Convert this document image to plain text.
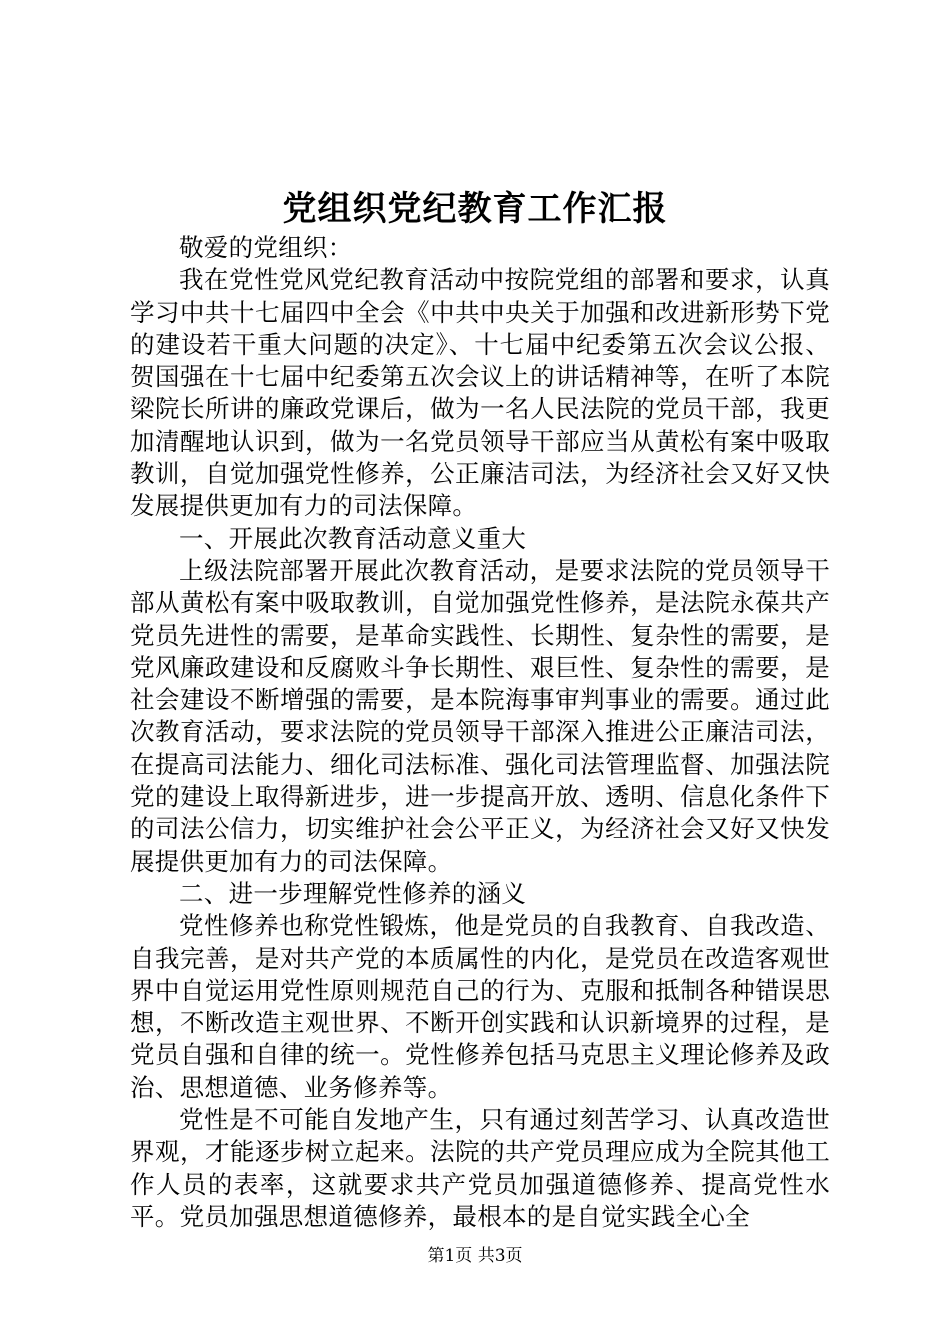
党组织党纪教育工作汇报

敬爱的党组织：

我在党性党风党纪教育活动中按院党组的部署和要求，认真学习中共十七届四中全会《中共中央关于加强和改进新形势下党的建设若干重大问题的决定》、十七届中纪委第五次会议公报、贺国强在十七届中纪委第五次会议上的讲话精神等，在听了本院梁院长所讲的廉政党课后，做为一名人民法院的党员干部，我更加清醒地认识到，做为一名党员领导干部应当从黄松有案中吸取教训，自觉加强党性修养，公正廉洁司法，为经济社会又好又快发展提供更加有力的司法保障。

一、开展此次教育活动意义重大

上级法院部署开展此次教育活动，是要求法院的党员领导干部从黄松有案中吸取教训，自觉加强党性修养，是法院永葆共产党员先进性的需要，是革命实践性、长期性、复杂性的需要，是党风廉政建设和反腐败斗争长期性、艰巨性、复杂性的需要，是社会建设不断增强的需要，是本院海事审判事业的需要。通过此次教育活动，要求法院的党员领导干部深入推进公正廉洁司法，在提高司法能力、细化司法标准、强化司法管理监督、加强法院党的建设上取得新进步，进一步提高开放、透明、信息化条件下的司法公信力，切实维护社会公平正义，为经济社会又好又快发展提供更加有力的司法保障。

二、进一步理解党性修养的涵义

党性修养也称党性锻炼，他是党员的自我教育、自我改造、自我完善，是对共产党的本质属性的内化，是党员在改造客观世界中自觉运用党性原则规范自己的行为、克服和抵制各种错误思想，不断改造主观世界、不断开创实践和认识新境界的过程，是党员自强和自律的统一。党性修养包括马克思主义理论修养及政治、思想道德、业务修养等。

党性是不可能自发地产生，只有通过刻苦学习、认真改造世界观，才能逐步树立起来。法院的共产党员理应成为全院其他工作人员的表率，这就要求共产党员加强道德修养、提高党性水平。党员加强思想道德修养，最根本的是自觉实践全心全

第1页 共3页
